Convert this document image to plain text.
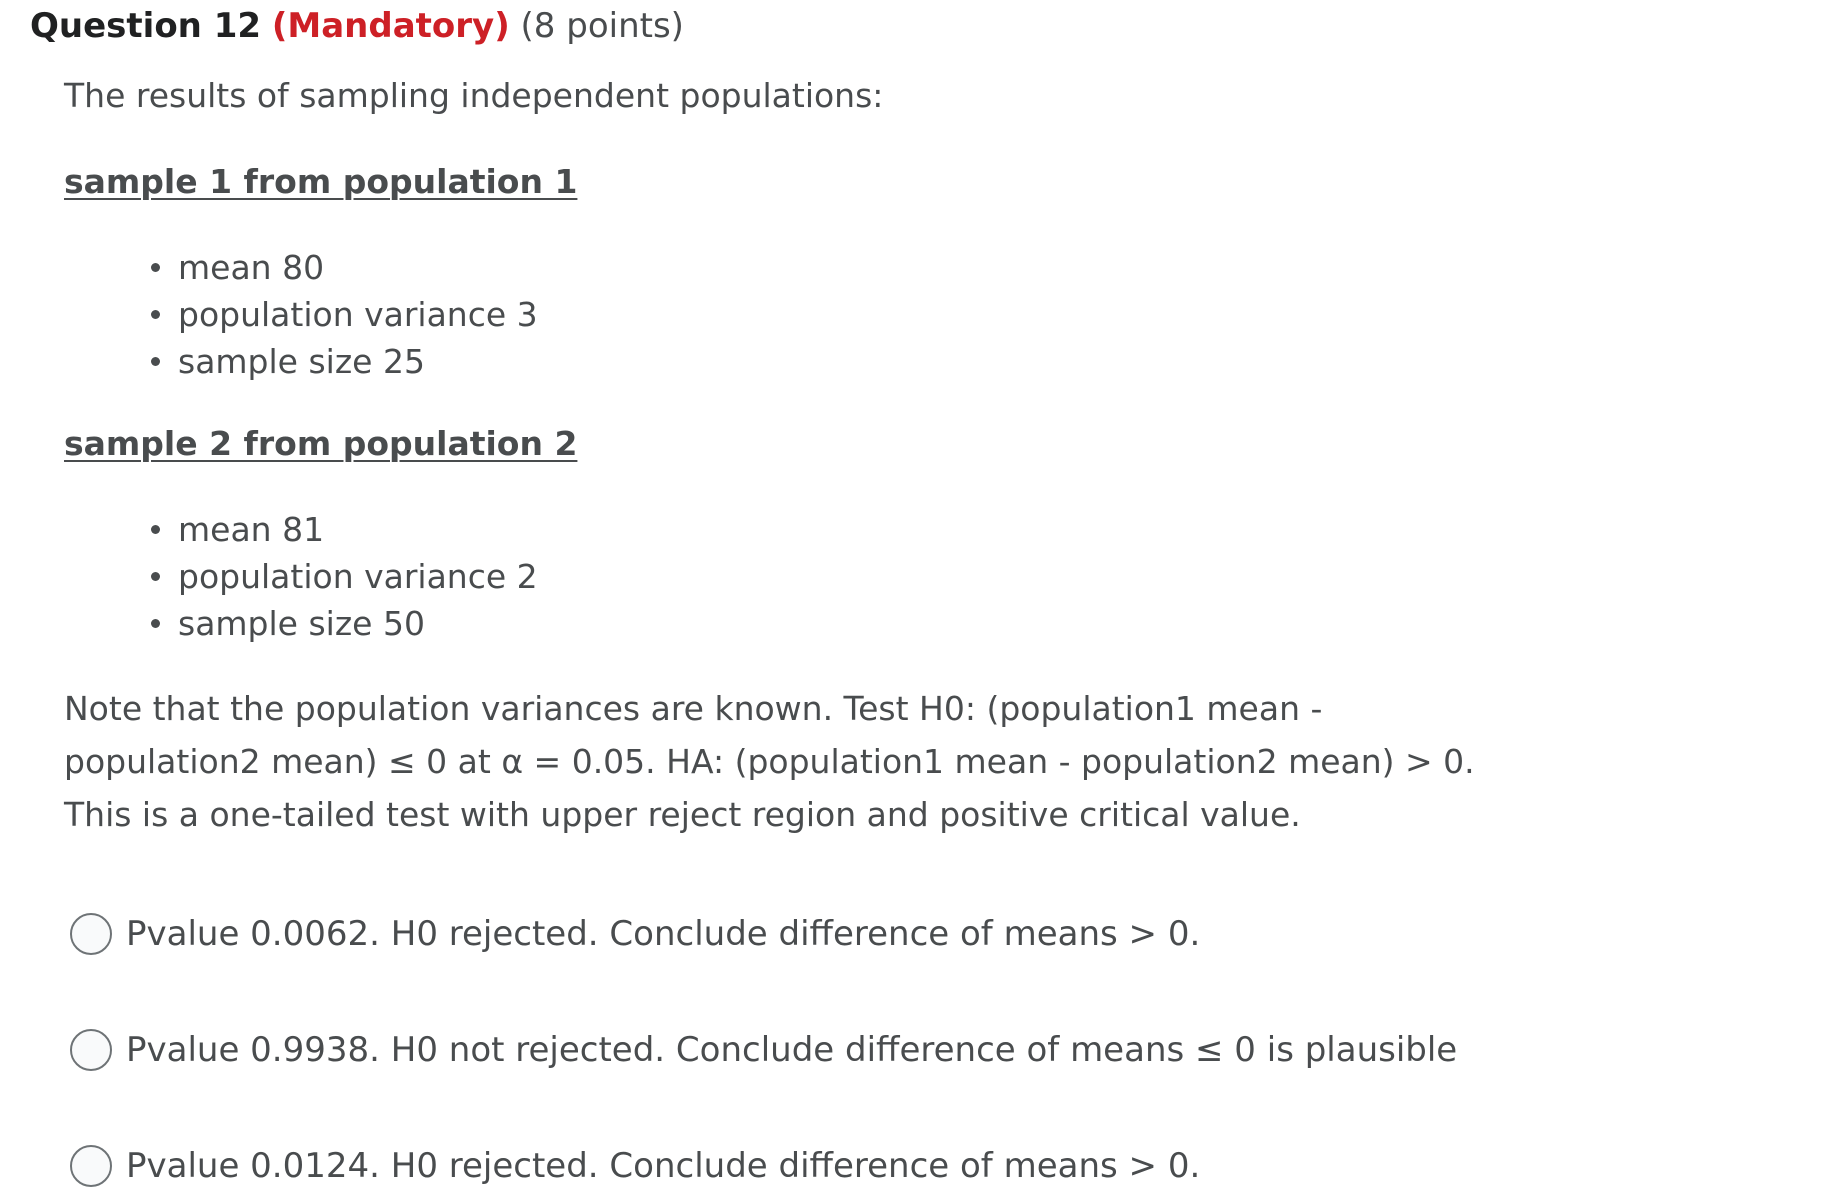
Question 12 (Mandatory) (8 points)
The results of sampling independent populations:
sample 1 from population 1
mean 80
population variance 3
sample size 25
sample 2 from population 2
mean 81
population variance 2
sample size 50

Note that the population variances are known. Test H0: (population1 mean -

population2 mean) ≤ 0 at α = 0.05. HA: (population1 mean - population2 mean) > 0.

This is a one-tailed test with upper reject region and positive critical value.

Pvalue 0.0062. H0 rejected. Conclude difference of means > 0.
Pvalue 0.9938. H0 not rejected. Conclude difference of means ≤ 0 is plausible
Pvalue 0.0124. H0 rejected. Conclude difference of means > 0.
